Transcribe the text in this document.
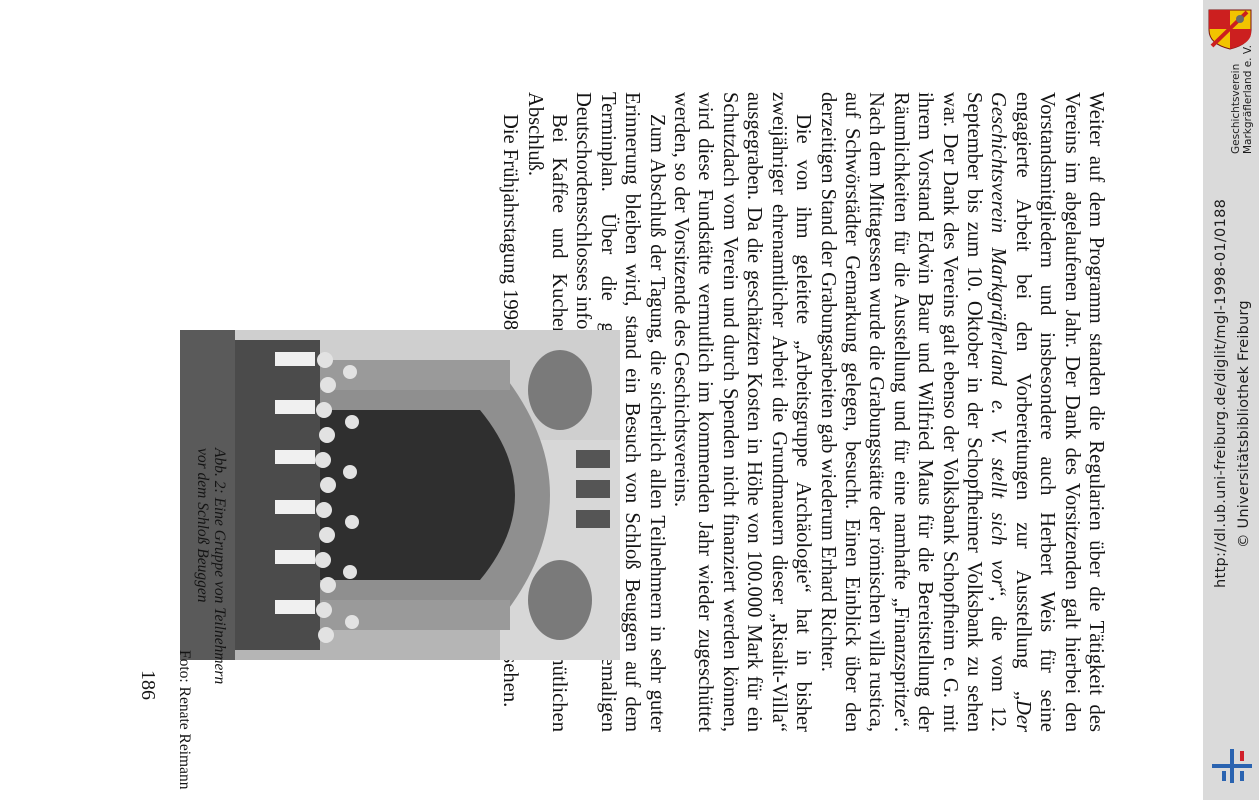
Weiter auf dem Programm standen die Regularien über die Tätigkeit des Vereins im abgelaufenen Jahr. Der Dank des Vorsitzenden galt hierbei den Vorstandsmitgliedern und insbesondere auch Herbert Weis für seine engagierte Arbeit bei den Vorbereitungen zur Ausstellung „Der Geschichtsverein Markgräflerland e. V. stellt sich vor“, die vom 12. September bis zum 10. Oktober in der Schopfheimer Volksbank zu sehen war. Der Dank des Vereins galt ebenso der Volksbank Schopfheim e. G. mit ihrem Vorstand Edwin Baur und Wilfried Maus für die Bereitstellung der Räumlichkeiten für die Ausstellung und für eine namhafte „Finanzspritze“. Nach dem Mittagessen wurde die Grabungsstätte der römischen villa rustica, auf Schwörstädter Gemarkung gelegen, besucht. Einen Einblick über den derzeitigen Stand der Grabungsarbeiten gab wiederum Erhard Richter.

Die von ihm geleitete „Arbeitsgruppe Archäologie“ hat in bisher zweijähriger ehrenamtlicher Arbeit die Grundmauern dieser „Risalit-Villa“ ausgegraben. Da die geschätzten Kosten in Höhe von 100.000 Mark für ein Schutzdach vom Verein und durch Spenden nicht finanziert werden können, wird diese Fundstätte vermutlich im kommenden Jahr wieder zugeschüttet werden, so der Vorsitzende des Geschichtsvereins.

Zum Abschluß der Tagung, die sicherlich allen Teilnehmern in sehr guter Erinnerung bleiben wird, stand ein Besuch von Schloß Beuggen auf dem Terminplan. Über die ehemaligen Deutschordensschlosses

Bei Kaffee und Kuchen gemütlichen Abschluß.

186
Abb. 2: Eine Gruppe von Teilnehmern
vor dem Schloß Beuggen
Foto: Renate Reimann
http://dl.ub.uni-freiburg.de/diglit/mgl-1998-01/0188 © Universitätsbibliothek Freiburg
Geschichtsverein Markgräflerland e. V.
